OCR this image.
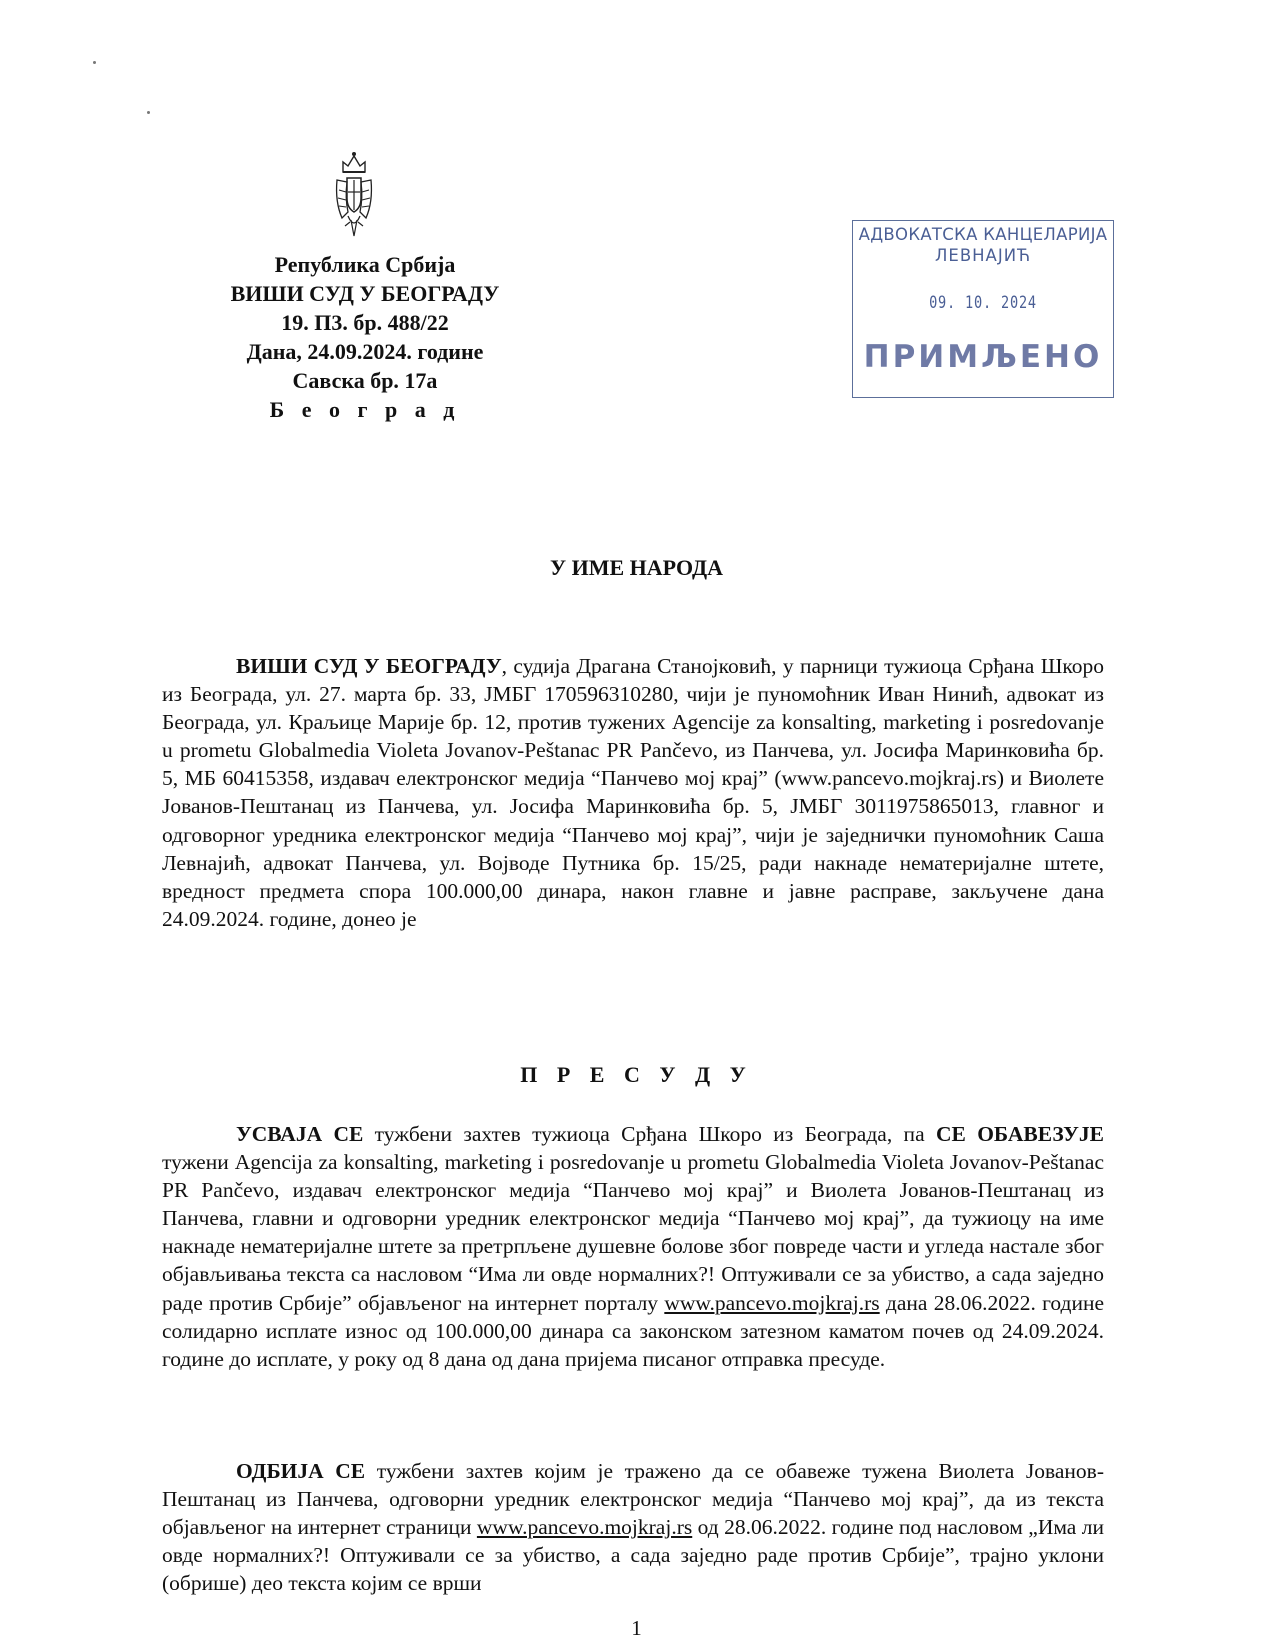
Република Србија
ВИШИ СУД У БЕОГРАДУ
19. П3. бр. 488/22
Дана, 24.09.2024. године
Савска бр. 17а
Б е о г р а д
АДВОКАТСКА КАНЦЕЛАРИЈА
ЛЕВНАЈИЋ
09. 10. 2024
ПРИМЉЕНО
У ИМЕ НАРОДА
ВИШИ СУД У БЕОГРАДУ, судија Драгана Станојковић, у парници тужиоца Срђана Шкоро из Београда, ул. 27. марта бр. 33, ЈМБГ 170596310280, чији је пуномоћник Иван Нинић, адвокат из Београда, ул. Краљице Марије бр. 12, против тужених Agencije za konsalting, marketing i posredovanje u prometu Globalmedia Violeta Jovanov-Peštanac PR Pančevo, из Панчева, ул. Јосифа Маринковића бр. 5, МБ 60415358, издавач електронског медија “Панчево мој крај” (www.pancevo.mojkraj.rs) и Виолете Јованов-Пештанац из Панчева, ул. Јосифа Маринковића бр. 5, ЈМБГ 3011975865013, главног и одговорног уредника електронског медија “Панчево мој крај”, чији је заједнички пуномоћник Саша Левнајић, адвокат Панчева, ул. Војводе Путника бр. 15/25, ради накнаде нематеријалне штете, вредност предмета спора 100.000,00 динара, након главне и јавне расправе, закључене дана 24.09.2024. године, донео је
П Р Е С У Д У
УСВАЈА СЕ тужбени захтев тужиоца Срђана Шкоро из Београда, па СЕ ОБАВЕЗУЈЕ тужени Agencija za konsalting, marketing i posredovanje u prometu Globalmedia Violeta Jovanov-Peštanac PR Pančevo, издавач електронског медија “Панчево мој крај” и Виолета Јованов-Пештанац из Панчева, главни и одговорни уредник електронског медија “Панчево мој крај”, да тужиоцу на име накнаде нематеријалне штете за претрпљене душевне болове због повреде части и угледа настале због објављивања текста са насловом “Има ли овде нормалних?! Оптуживали се за убиство, а сада заједно раде против Србије” објављеног на интернет порталу www.pancevo.mojkraj.rs дана 28.06.2022. године солидарно исплате износ од 100.000,00 динара са законском затезном каматом почев од 24.09.2024. године до исплате, у року од 8 дана од дана пријема писаног отправка пресуде.
ОДБИЈА СЕ тужбени захтев којим је тражено да се обавеже тужена Виолета Јованов-Пештанац из Панчева, одговорни уредник електронског медија “Панчево мој крај”, да из текста објављеног на интернет страници www.pancevo.mojkraj.rs од 28.06.2022. године под насловом „Има ли овде нормалних?! Оптуживали се за убиство, а сада заједно раде против Србије”, трајно уклони (обрише) део текста којим се врши
1
